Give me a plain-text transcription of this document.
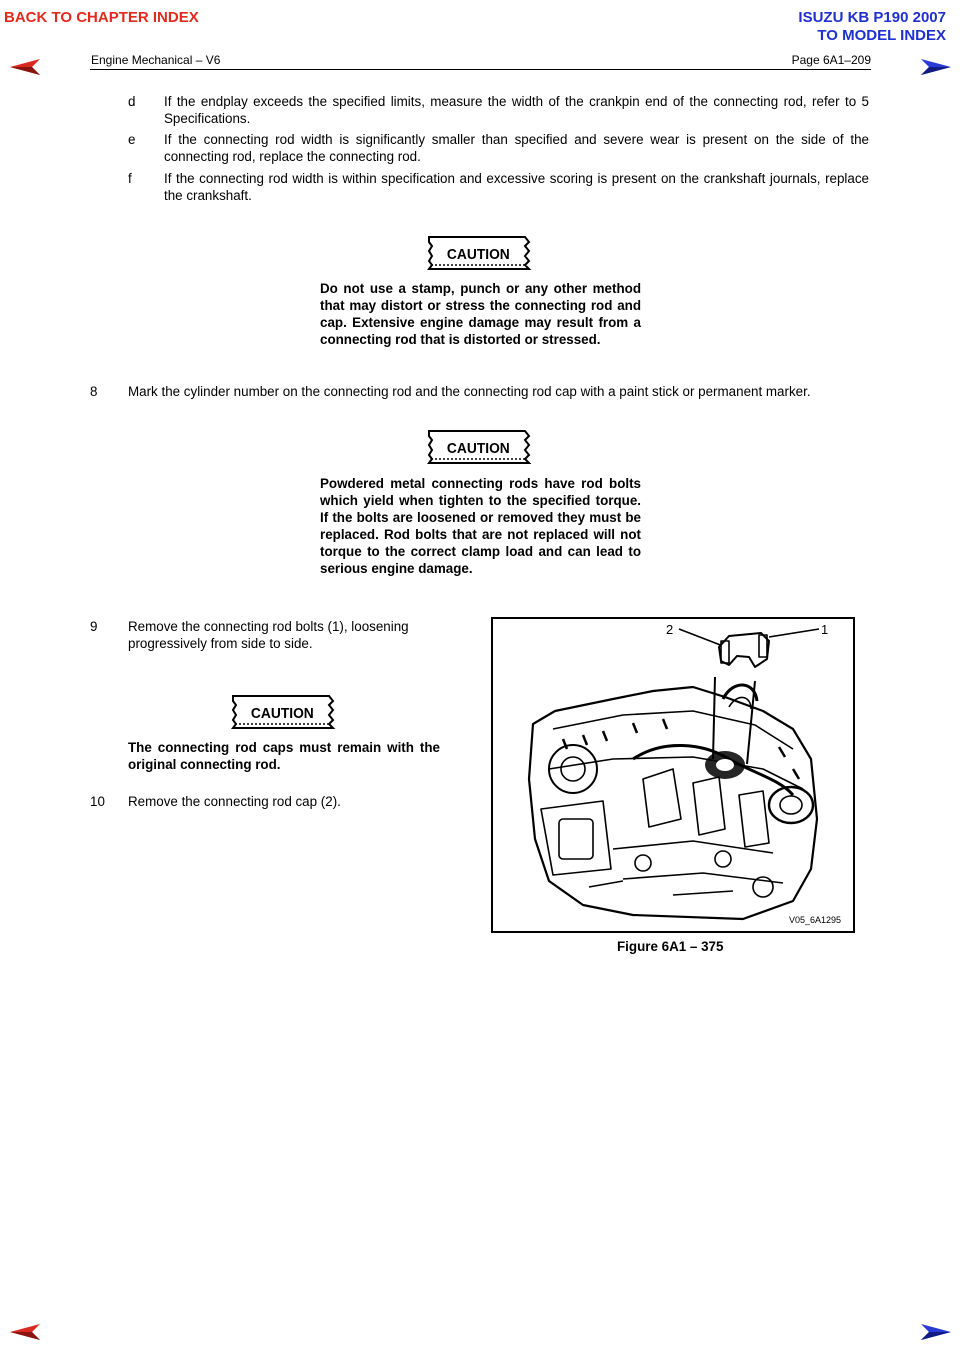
BACK TO CHAPTER INDEX	ISUZU KB P190 2007
TO MODEL INDEX
Engine Mechanical – V6	Page 6A1–209
d If the endplay exceeds the specified limits, measure the width of the crankpin end of the connecting rod, refer to 5 Specifications.
e If the connecting rod width is significantly smaller than specified and severe wear is present on the side of the connecting rod, replace the connecting rod.
f If the connecting rod width is within specification and excessive scoring is present on the crankshaft journals, replace the crankshaft.
CAUTION
Do not use a stamp, punch or any other method that may distort or stress the connecting rod and cap. Extensive engine damage may result from a connecting rod that is distorted or stressed.
8 Mark the cylinder number on the connecting rod and the connecting rod cap with a paint stick or permanent marker.
CAUTION
Powdered metal connecting rods have rod bolts which yield when tighten to the specified torque. If the bolts are loosened or removed they must be replaced. Rod bolts that are not replaced will not torque to the correct clamp load and can lead to serious engine damage.
9 Remove the connecting rod bolts (1), loosening progressively from side to side.
CAUTION
The connecting rod caps must remain with the original connecting rod.
10 Remove the connecting rod cap (2).
2	1
V05_6A1295
Figure 6A1 – 375
